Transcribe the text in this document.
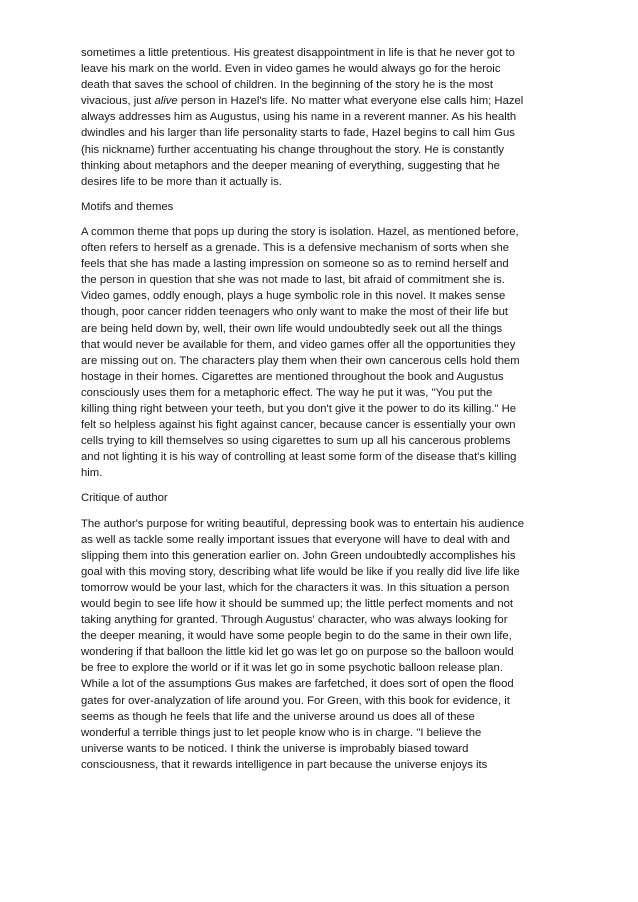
sometimes a little pretentious. His greatest disappointment in life is that he never got to
leave his mark on the world. Even in video games he would always go for the heroic
death that saves the school of children. In the beginning of the story he is the most
vivacious, just alive person in Hazel's life. No matter what everyone else calls him; Hazel
always addresses him as Augustus, using his name in a reverent manner. As his health
dwindles and his larger than life personality starts to fade, Hazel begins to call him Gus
(his nickname) further accentuating his change throughout the story. He is constantly
thinking about metaphors and the deeper meaning of everything, suggesting that he
desires life to be more than it actually is.
Motifs and themes
A common theme that pops up during the story is isolation. Hazel, as mentioned before,
often refers to herself as a grenade. This is a defensive mechanism of sorts when she
feels that she has made a lasting impression on someone so as to remind herself and
the person in question that she was not made to last, bit afraid of commitment she is.
Video games, oddly enough, plays a huge symbolic role in this novel. It makes sense
though, poor cancer ridden teenagers who only want to make the most of their life but
are being held down by, well, their own life would undoubtedly seek out all the things
that would never be available for them, and video games offer all the opportunities they
are missing out on. The characters play them when their own cancerous cells hold them
hostage in their homes. Cigarettes are mentioned throughout the book and Augustus
consciously uses them for a metaphoric effect. The way he put it was, "You put the
killing thing right between your teeth, but you don't give it the power to do its killing." He
felt so helpless against his fight against cancer, because cancer is essentially your own
cells trying to kill themselves so using cigarettes to sum up all his cancerous problems
and not lighting it is his way of controlling at least some form of the disease that's killing
him.
Critique of author
The author's purpose for writing beautiful, depressing book was to entertain his audience
as well as tackle some really important issues that everyone will have to deal with and
slipping them into this generation earlier on. John Green undoubtedly accomplishes his
goal with this moving story, describing what life would be like if you really did live life like
tomorrow would be your last, which for the characters it was. In this situation a person
would begin to see life how it should be summed up; the little perfect moments and not
taking anything for granted. Through Augustus' character, who was always looking for
the deeper meaning, it would have some people begin to do the same in their own life,
wondering if that balloon the little kid let go was let go on purpose so the balloon would
be free to explore the world or if it was let go in some psychotic balloon release plan.
While a lot of the assumptions Gus makes are farfetched, it does sort of open the flood
gates for over-analyzation of life around you. For Green, with this book for evidence, it
seems as though he feels that life and the universe around us does all of these
wonderful a terrible things just to let people know who is in charge. "I believe the
universe wants to be noticed. I think the universe is improbably biased toward
consciousness, that it rewards intelligence in part because the universe enjoys its
